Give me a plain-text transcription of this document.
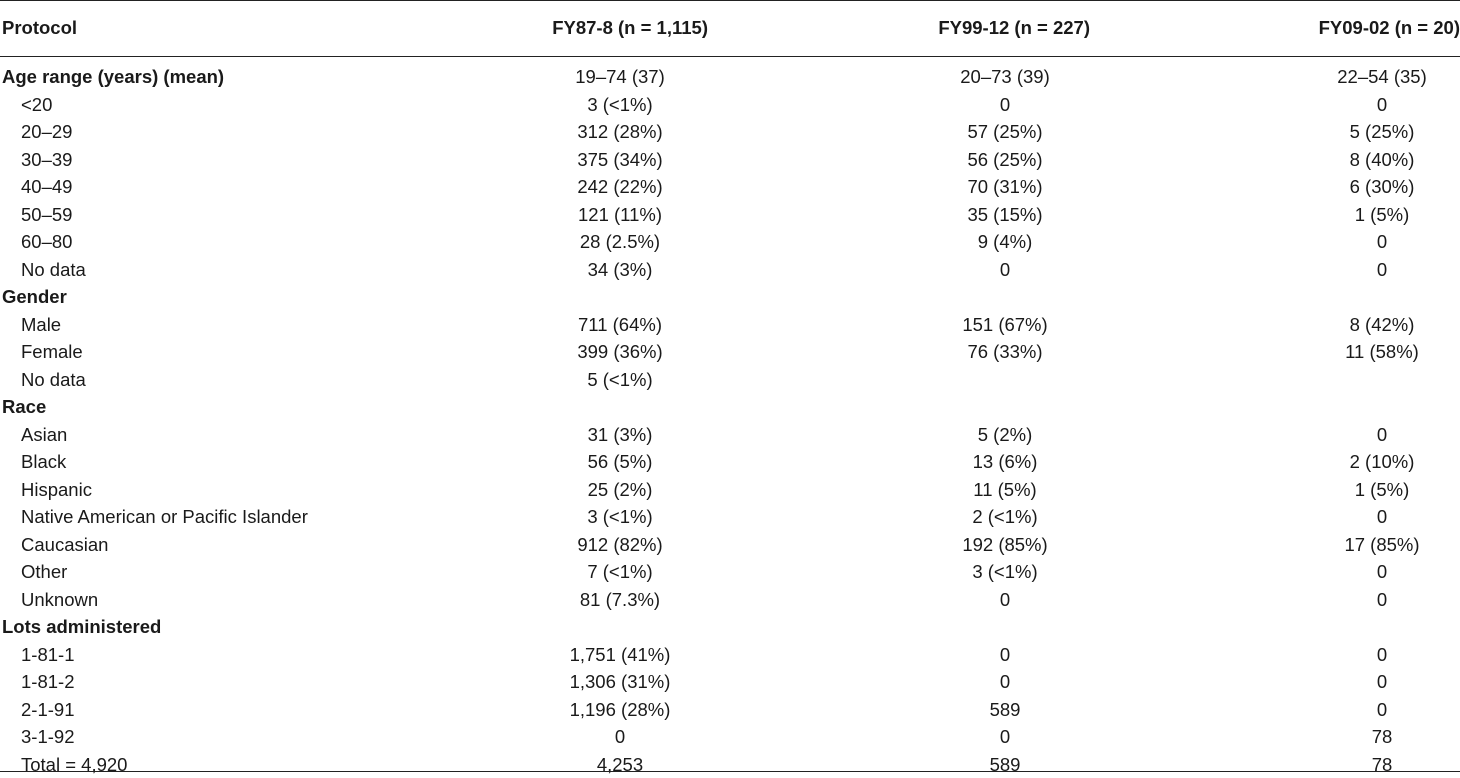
Protocol	FY87-8 (n = 1,115)	FY99-12 (n = 227)	FY09-02 (n = 20)
Age range (years) (mean)	19–74 (37)	20–73 (39)	22–54 (35)
<20	3 (<1%)	0	0
20–29	312 (28%)	57 (25%)	5 (25%)
30–39	375 (34%)	56 (25%)	8 (40%)
40–49	242 (22%)	70 (31%)	6 (30%)
50–59	121 (11%)	35 (15%)	1 (5%)
60–80	28 (2.5%)	9 (4%)	0
No data	34 (3%)	0	0
Gender
Male	711 (64%)	151 (67%)	8 (42%)
Female	399 (36%)	76 (33%)	11 (58%)
No data	5 (<1%)
Race
Asian	31 (3%)	5 (2%)	0
Black	56 (5%)	13 (6%)	2 (10%)
Hispanic	25 (2%)	11 (5%)	1 (5%)
Native American or Pacific Islander	3 (<1%)	2 (<1%)	0
Caucasian	912 (82%)	192 (85%)	17 (85%)
Other	7 (<1%)	3 (<1%)	0
Unknown	81 (7.3%)	0	0
Lots administered
1-81-1	1,751 (41%)	0	0
1-81-2	1,306 (31%)	0	0
2-1-91	1,196 (28%)	589	0
3-1-92	0	0	78
Total = 4,920	4,253	589	78
